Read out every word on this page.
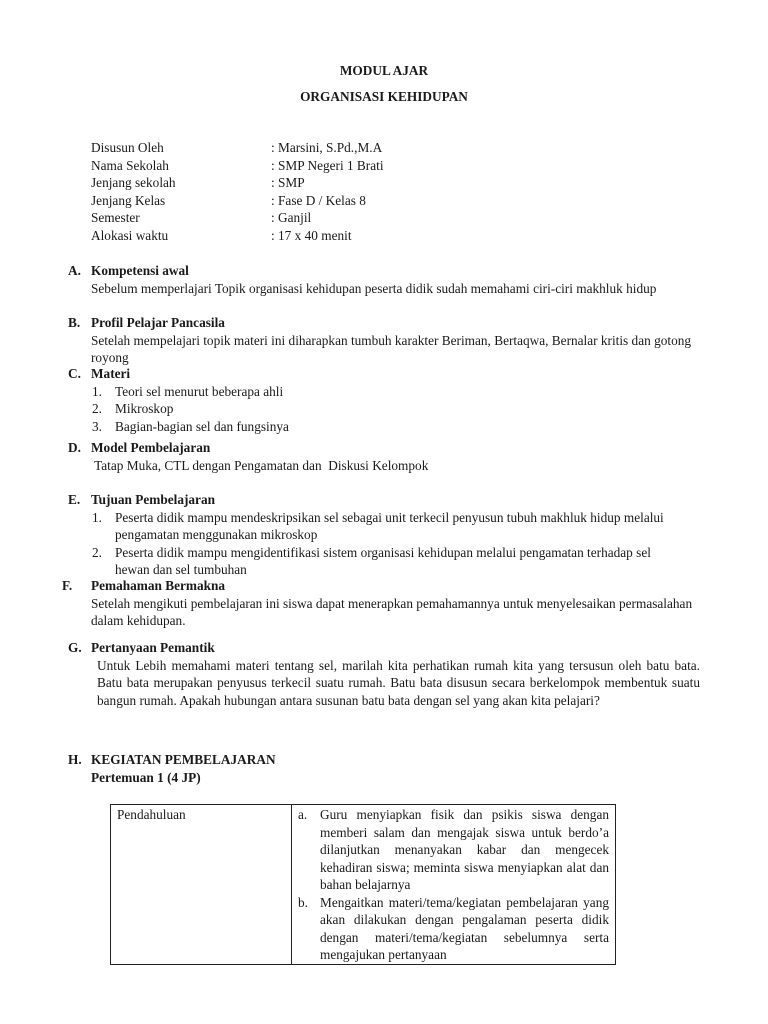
MODUL AJAR
ORGANISASI KEHIDUPAN
Disusun Oleh	: Marsini, S.Pd.,M.A
Nama Sekolah	: SMP Negeri 1 Brati
Jenjang sekolah	: SMP
Jenjang Kelas	: Fase D / Kelas 8
Semester	: Ganjil
Alokasi waktu	: 17 x 40 menit
A. Kompetensi awal
Sebelum memperlajari Topik organisasi kehidupan peserta didik sudah memahami ciri-ciri makhluk hidup
B. Profil Pelajar Pancasila
Setelah mempelajari topik materi ini diharapkan tumbuh karakter Beriman, Bertaqwa, Bernalar kritis dan gotong royong
C. Materi
1. Teori sel menurut beberapa ahli
2. Mikroskop
3. Bagian-bagian sel dan fungsinya
D. Model Pembelajaran
Tatap Muka, CTL dengan Pengamatan dan  Diskusi Kelompok
E. Tujuan Pembelajaran
1. Peserta didik mampu mendeskripsikan sel sebagai unit terkecil penyusun tubuh makhluk hidup melalui pengamatan menggunakan mikroskop
2. Peserta didik mampu mengidentifikasi sistem organisasi kehidupan melalui pengamatan terhadap sel hewan dan sel tumbuhan
F.	Pemahaman Bermakna
Setelah mengikuti pembelajaran ini siswa dapat menerapkan pemahamannya untuk menyelesaikan permasalahan dalam kehidupan.
G. Pertanyaan Pemantik
Untuk Lebih memahami materi tentang sel, marilah kita perhatikan rumah kita yang tersusun oleh batu bata. Batu bata merupakan penyusus terkecil suatu rumah. Batu bata disusun secara berkelompok membentuk suatu bangun rumah. Apakah hubungan antara susunan batu bata dengan sel yang akan kita pelajari?
H. KEGIATAN PEMBELAJARAN
Pertemuan 1 (4 JP)
Pendahuluan	a. Guru menyiapkan fisik dan psikis siswa dengan memberi salam dan mengajak siswa untuk berdo’a dilanjutkan menanyakan kabar dan mengecek kehadiran siswa; meminta siswa menyiapkan alat dan bahan belajarnya
b. Mengaitkan materi/tema/kegiatan pembelajaran yang akan dilakukan dengan pengalaman peserta didik dengan materi/tema/kegiatan sebelumnya serta mengajukan pertanyaan
